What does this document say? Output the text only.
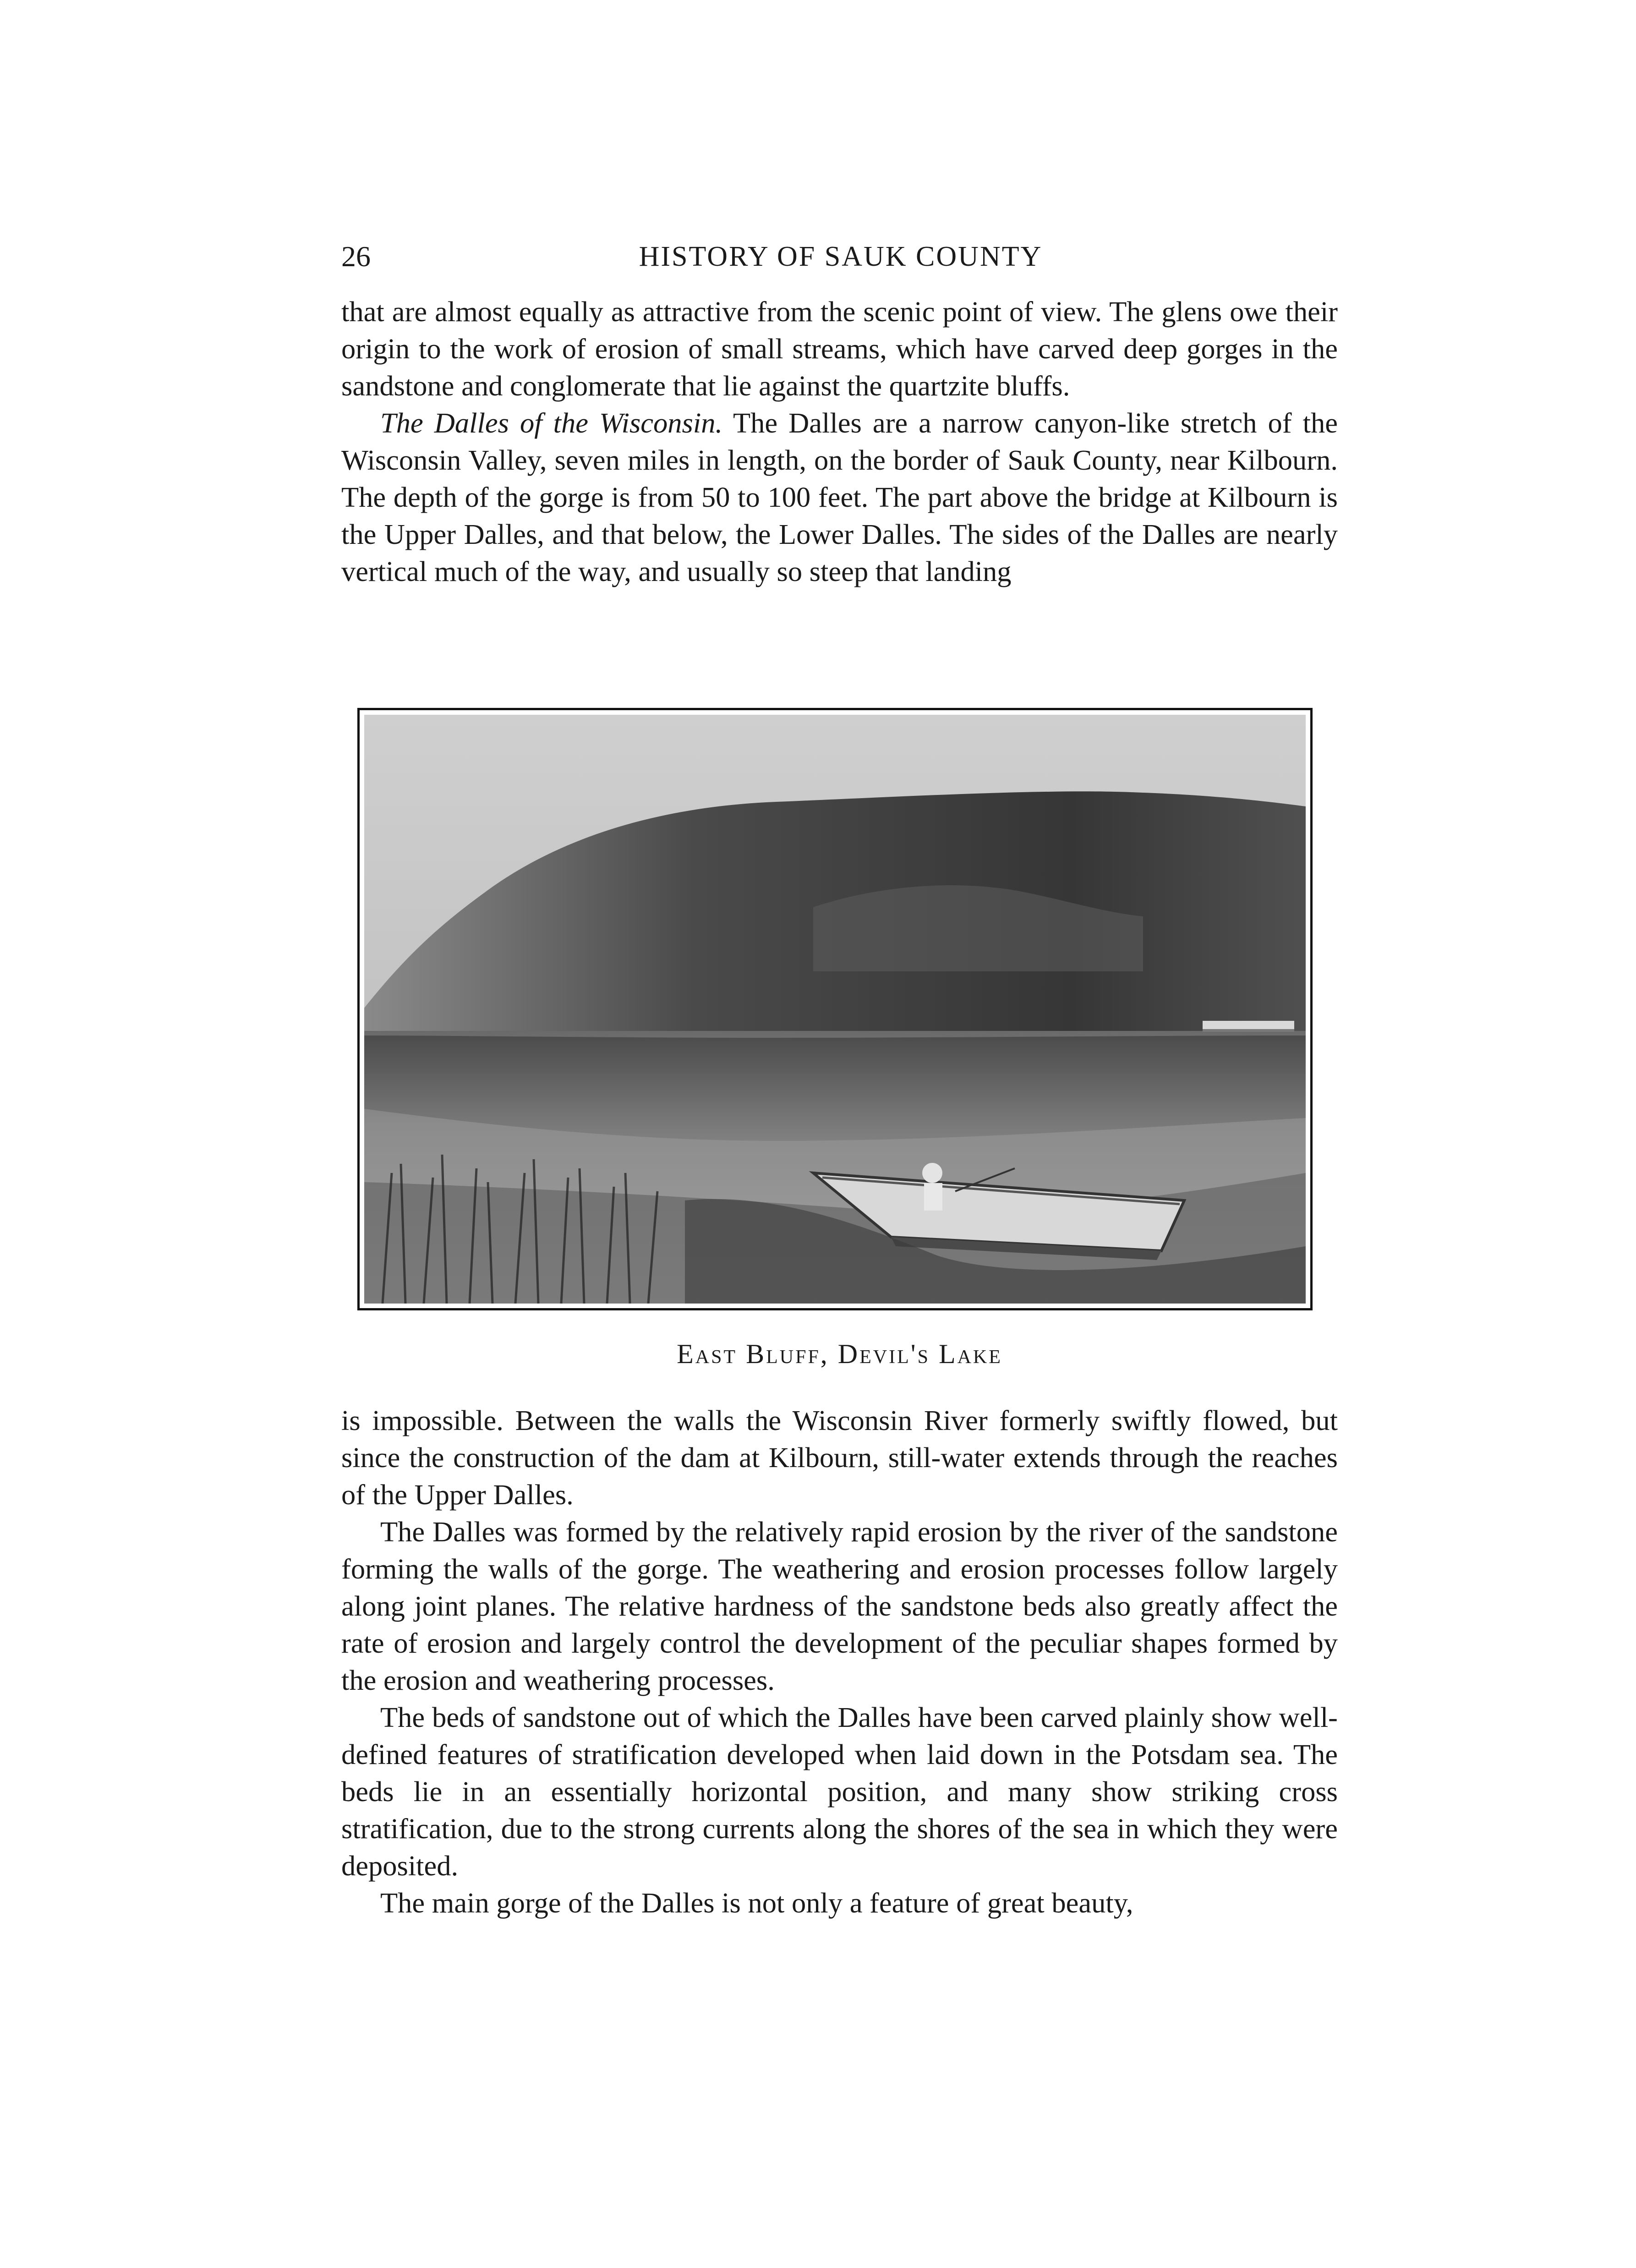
26	HISTORY OF SAUK COUNTY

that are almost equally as attractive from the scenic point of view. The glens owe their origin to the work of erosion of small streams, which have carved deep gorges in the sandstone and conglomerate that lie against the quartzite bluffs.

The Dalles of the Wisconsin. The Dalles are a narrow canyon-like stretch of the Wisconsin Valley, seven miles in length, on the border of Sauk County, near Kilbourn. The depth of the gorge is from 50 to 100 feet. The part above the bridge at Kilbourn is the Upper Dalles, and that below, the Lower Dalles. The sides of the Dalles are nearly vertical much of the way, and usually so steep that landing

East Bluff, Devil's Lake

is impossible. Between the walls the Wisconsin River formerly swiftly flowed, but since the construction of the dam at Kilbourn, still-water extends through the reaches of the Upper Dalles.

The Dalles was formed by the relatively rapid erosion by the river of the sandstone forming the walls of the gorge. The weathering and erosion processes follow largely along joint planes. The relative hardness of the sandstone beds also greatly affect the rate of erosion and largely control the development of the peculiar shapes formed by the erosion and weathering processes.

The beds of sandstone out of which the Dalles have been carved plainly show well-defined features of stratification developed when laid down in the Potsdam sea. The beds lie in an essentially horizontal position, and many show striking cross stratification, due to the strong currents along the shores of the sea in which they were deposited.

The main gorge of the Dalles is not only a feature of great beauty,
